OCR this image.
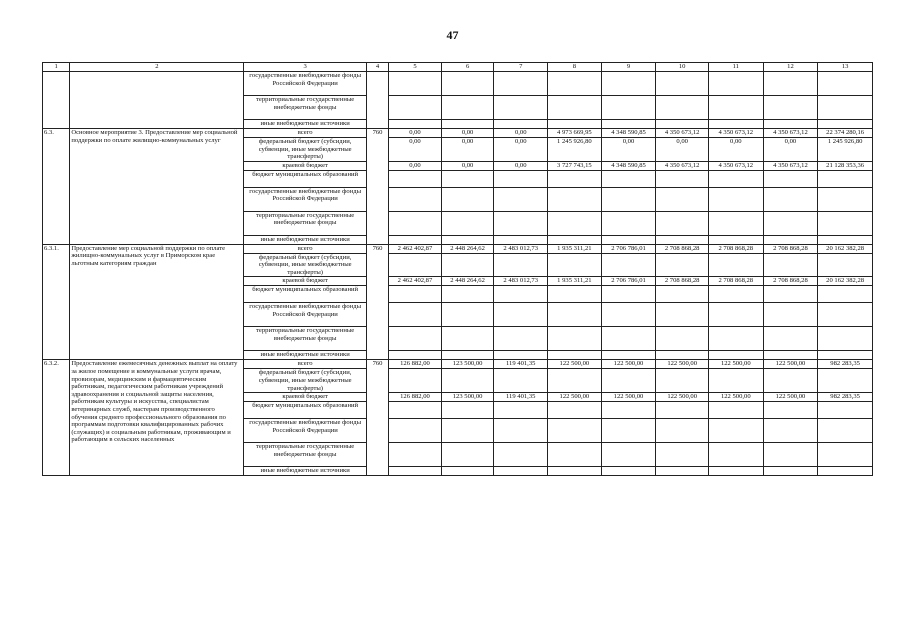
47
1	2	3	4	5	6	7	8	9	10	11	12	13
		государственные внебюджетные фонды Российской Федерации										
		территориальные государственные внебюджетные фонды										
		иные внебюджетные источники										
6.3.	Основное мероприятие 3. Предоставление мер социальной поддержки по оплате жилищно-коммунальных услуг	всего	760	0,00	0,00	0,00	4 973 669,95	4 348 590,85	4 350 673,12	4 350 673,12	4 350 673,12	22 374 280,16
		федеральный бюджет (субсидии, субвенции, иные межбюджетные трансферты)		0,00	0,00	0,00	1 245 926,80	0,00	0,00	0,00	0,00	1 245 926,80
		краевой бюджет		0,00	0,00	0,00	3 727 743,15	4 348 590,85	4 350 673,12	4 350 673,12	4 350 673,12	21 128 353,36
		бюджет муниципальных образований										
		государственные внебюджетные фонды Российской Федерации										
		территориальные государственные внебюджетные фонды										
		иные внебюджетные источники										
6.3.1.	Предоставление мер социальной поддержки по оплате жилищно-коммунальных услуг в Приморском крае льготным категориям граждан	всего	760	2 462 402,87	2 448 264,62	2 483 012,73	1 935 311,21	2 706 786,01	2 708 868,28	2 708 868,28	2 708 868,28	20 162 382,28
		федеральный бюджет (субсидии, субвенции, иные межбюджетные трансферты)										
		краевой бюджет		2 462 402,87	2 448 264,62	2 483 012,73	1 935 311,21	2 706 786,01	2 708 868,28	2 708 868,28	2 708 868,28	20 162 382,28
		бюджет муниципальных образований										
		государственные внебюджетные фонды Российской Федерации										
		территориальные государственные внебюджетные фонды										
		иные внебюджетные источники										
6.3.2.	Предоставление ежемесячных денежных выплат на оплату за жилое помещение и коммунальные услуги врачам, провизорам, медицинским и фармацевтическим работникам, педагогическим работникам учреждений здравоохранения и социальной защиты населения, работникам культуры и искусства, специалистам ветеринарных служб, мастерам производственного обучения среднего профессионального образования по программам подготовки квалифицированных рабочих (служащих) и социальным работникам, проживающим и работающим в сельских населенных	всего	760	126 882,00	123 500,00	119 401,35	122 500,00	122 500,00	122 500,00	122 500,00	122 500,00	982 283,35
		федеральный бюджет (субсидии, субвенции, иные межбюджетные трансферты)										
		краевой бюджет		126 882,00	123 500,00	119 401,35	122 500,00	122 500,00	122 500,00	122 500,00	122 500,00	982 283,35
		бюджет муниципальных образований										
		государственные внебюджетные фонды Российской Федерации										
		территориальные государственные внебюджетные фонды										
		иные внебюджетные источники										
